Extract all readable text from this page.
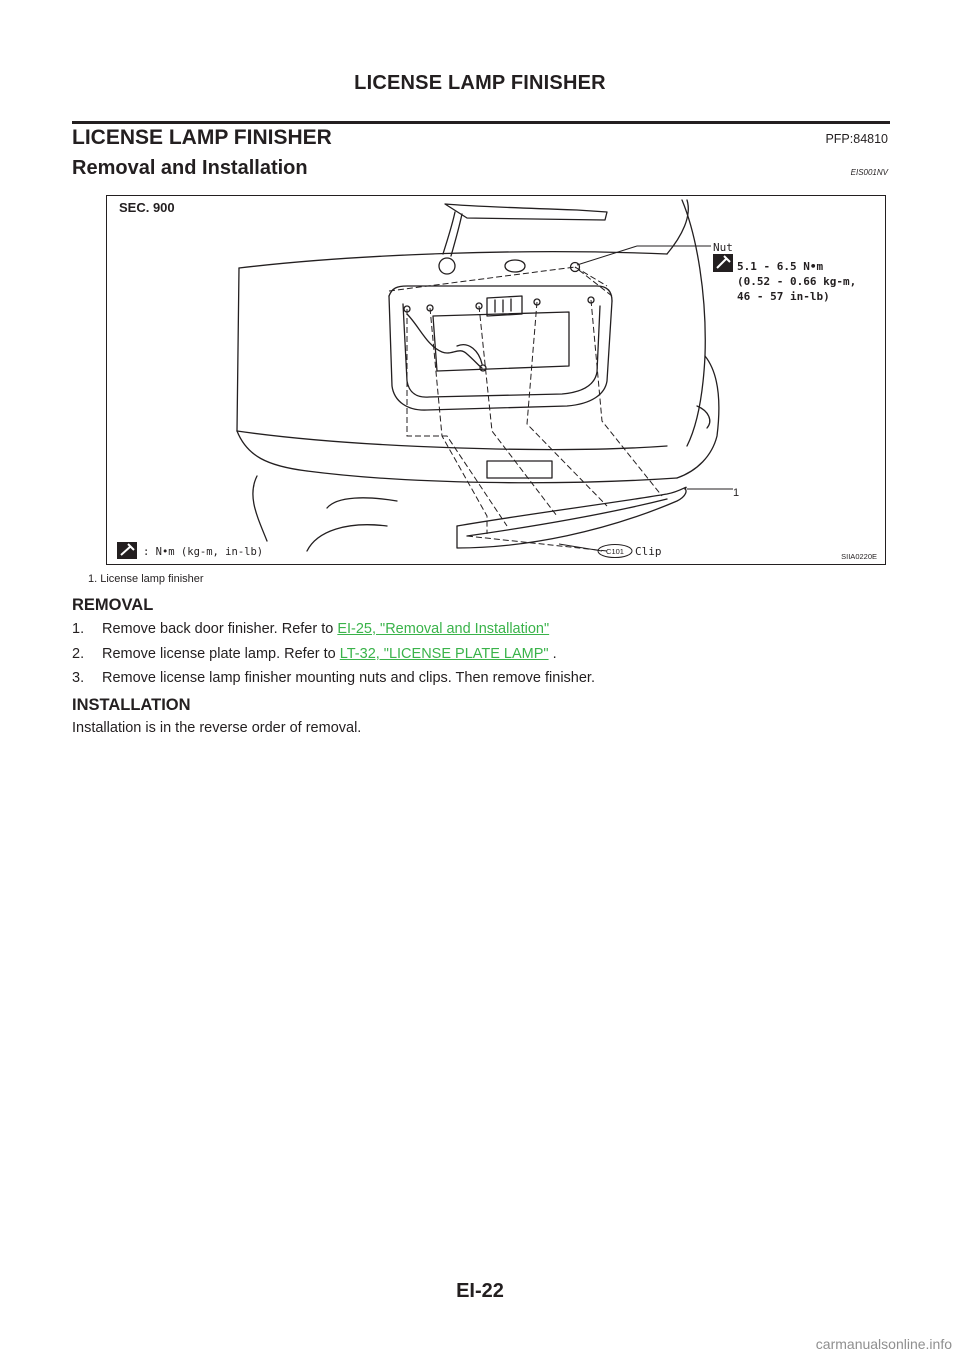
LICENSE LAMP FINISHER
LICENSE LAMP FINISHER	PFP:84810
Removal and Installation	EIS001NV
SEC. 900
Nut
5.1 - 6.5 N•m
(0.52 - 0.66 kg-m,
46 - 57 in-lb)
1
C101 Clip
: N•m (kg-m, in-lb)	SIIA0220E
1. License lamp finisher
REMOVAL
1. Remove back door finisher. Refer to EI-25, "Removal and Installation"
2. Remove license plate lamp. Refer to LT-32, "LICENSE PLATE LAMP" .
3. Remove license lamp finisher mounting nuts and clips. Then remove finisher.
INSTALLATION
Installation is in the reverse order of removal.
EI-22
carmanualsonline.info
